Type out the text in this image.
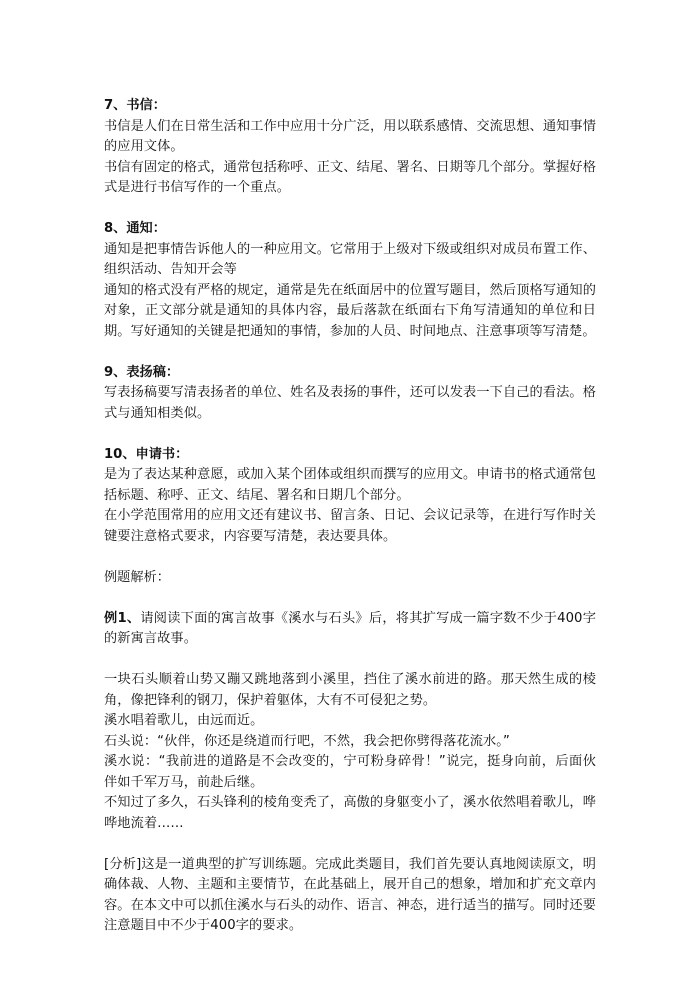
7、书信：

书信是人们在日常生活和工作中应用十分广泛，用以联系感情、交流思想、通知事情的应用文体。

书信有固定的格式，通常包括称呼、正文、结尾、署名、日期等几个部分。掌握好格式是进行书信写作的一个重点。

8、通知：

通知是把事情告诉他人的一种应用文。它常用于上级对下级或组织对成员布置工作、组织活动、告知开会等

通知的格式没有严格的规定，通常是先在纸面居中的位置写题目，然后顶格写通知的对象，正文部分就是通知的具体内容，最后落款在纸面右下角写清通知的单位和日期。写好通知的关键是把通知的事情，参加的人员、时间地点、注意事项等写清楚。

9、表扬稿：

写表扬稿要写清表扬者的单位、姓名及表扬的事件，还可以发表一下自己的看法。格式与通知相类似。

10、申请书：

是为了表达某种意愿，或加入某个团体或组织而撰写的应用文。申请书的格式通常包括标题、称呼、正文、结尾、署名和日期几个部分。

在小学范围常用的应用文还有建议书、留言条、日记、会议记录等，在进行写作时关键要注意格式要求，内容要写清楚，表达要具体。

例题解析：

例1、请阅读下面的寓言故事《溪水与石头》后，将其扩写成一篇字数不少于400字的新寓言故事。

一块石头顺着山势又蹦又跳地落到小溪里，挡住了溪水前进的路。那天然生成的棱角，像把锋利的钢刀，保护着躯体，大有不可侵犯之势。

溪水唱着歌儿，由远而近。

石头说：“伙伴，你还是绕道而行吧，不然，我会把你劈得落花流水。”

溪水说：“我前进的道路是不会改变的，宁可粉身碎骨！”说完，挺身向前，后面伙伴如千军万马，前赴后继。

不知过了多久，石头锋利的棱角变秃了，高傲的身躯变小了，溪水依然唱着歌儿，哗哗地流着……

[分析]这是一道典型的扩写训练题。完成此类题目，我们首先要认真地阅读原文，明确体裁、人物、主题和主要情节，在此基础上，展开自己的想象，增加和扩充文章内容。在本文中可以抓住溪水与石头的动作、语言、神态，进行适当的描写。同时还要注意题目中不少于400字的要求。
